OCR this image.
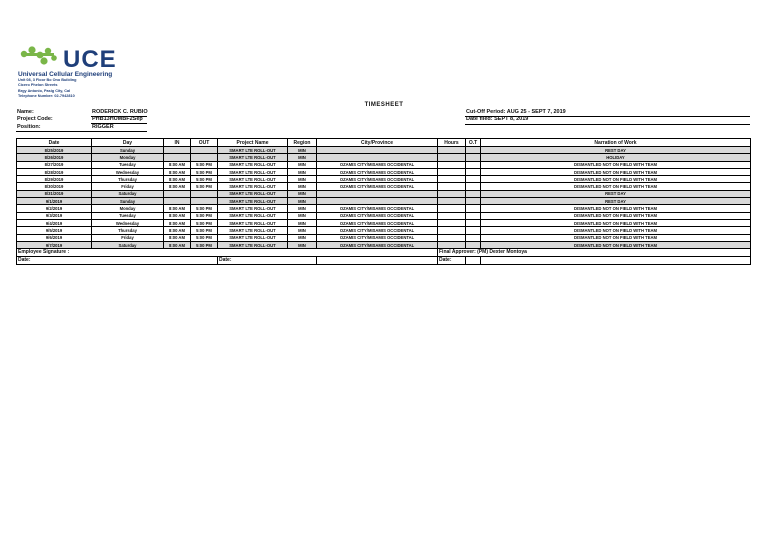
UCE
Universal Cellular Engineering
Unit 08, 3 Floor Bo Ono Building
Cicero Phelon Streets
Brgy Antonio, Pasig City, Cal
Telephone Number: 02-7942810
TIMESHEET
Name:	RODERICK C. RUBIO
Project Code:	PHB13HUMBF2Sep
Position:	RIGGER
Cut-Off Period: AUG 25 - SEPT 7, 2019
Date filed: SEPT 8, 2019
Date	Day	IN	OUT	Project Name	Region	City/Province	Hours	O.T	Narration of Work
8/25/2019	Sunday			SMART LTE ROLL-OUT	MIN				REST DAY
8/26/2019	Monday			SMART LTE ROLL-OUT	MIN				HOLIDAY
8/27/2019	Tuesday	8:00 AM	5:00 PM	SMART LTE ROLL-OUT	MIN	OZAMIS CITY/MISAMIS OCCIDENTAL			DISMANTLED NOT ON FIELD WITH TEAM
8/28/2019	Wednesday	8:00 AM	5:00 PM	SMART LTE ROLL-OUT	MIN	OZAMIS CITY/MISAMIS OCCIDENTAL			DISMANTLED NOT ON FIELD WITH TEAM
8/29/2019	Thursday	8:00 AM	5:00 PM	SMART LTE ROLL-OUT	MIN	OZAMIS CITY/MISAMIS OCCIDENTAL			DISMANTLED NOT ON FIELD WITH TEAM
8/30/2019	Friday	8:00 AM	5:00 PM	SMART LTE ROLL-OUT	MIN	OZAMIS CITY/MISAMIS OCCIDENTAL			DISMANTLED NOT ON FIELD WITH TEAM
8/31/2019	Saturday			SMART LTE ROLL-OUT	MIN				REST DAY
9/1/2019	Sunday			SMART LTE ROLL-OUT	MIN				REST DAY
9/2/2019	Monday	8:00 AM	5:00 PM	SMART LTE ROLL-OUT	MIN	OZAMIS CITY/MISAMIS OCCIDENTAL			DISMANTLED NOT ON FIELD WITH TEAM
9/3/2019	Tuesday	8:00 AM	5:00 PM	SMART LTE ROLL-OUT	MIN	OZAMIS CITY/MISAMIS OCCIDENTAL			DISMANTLED NOT ON FIELD WITH TEAM
9/4/2019	Wednesday	8:00 AM	5:00 PM	SMART LTE ROLL-OUT	MIN	OZAMIS CITY/MISAMIS OCCIDENTAL			DISMANTLED NOT ON FIELD WITH TEAM
9/5/2019	Thursday	8:00 AM	5:00 PM	SMART LTE ROLL-OUT	MIN	OZAMIS CITY/MISAMIS OCCIDENTAL			DISMANTLED NOT ON FIELD WITH TEAM
9/6/2019	Friday	8:00 AM	5:00 PM	SMART LTE ROLL-OUT	MIN	OZAMIS CITY/MISAMIS OCCIDENTAL			DISMANTLED NOT ON FIELD WITH TEAM
9/7/2019	Saturday	8:00 AM	5:00 PM	SMART LTE ROLL-OUT	MIN	OZAMIS CITY/MISAMIS OCCIDENTAL			DISMANTLED NOT ON FIELD WITH TEAM
Employee Signature :							Final Approver: (PM) Dexter Montoya		
Date:				Date:			Date:		
